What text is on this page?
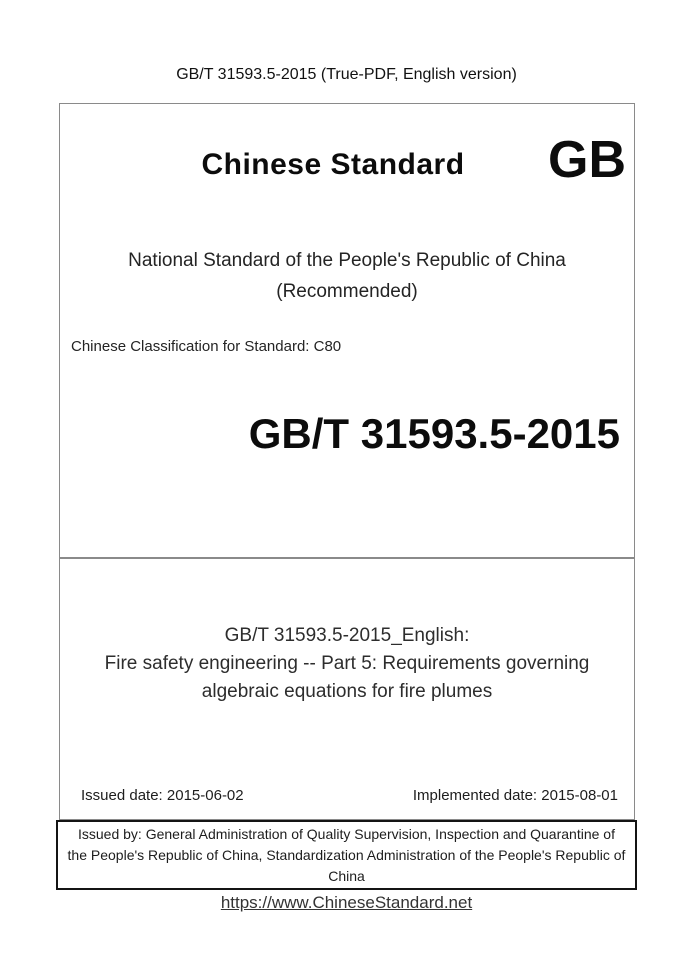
GB/T 31593.5-2015 (True-PDF, English version)
Chinese Standard	GB
National Standard of the People's Republic of China
(Recommended)
Chinese Classification for Standard: C80
GB/T 31593.5-2015
GB/T 31593.5-2015_English:
Fire safety engineering -- Part 5: Requirements governing
algebraic equations for fire plumes
Issued date: 2015-06-02	Implemented date: 2015-08-01
Issued by: General Administration of Quality Supervision, Inspection and Quarantine of
the People's Republic of China, Standardization Administration of the People's Republic of
China
https://www.ChineseStandard.net
